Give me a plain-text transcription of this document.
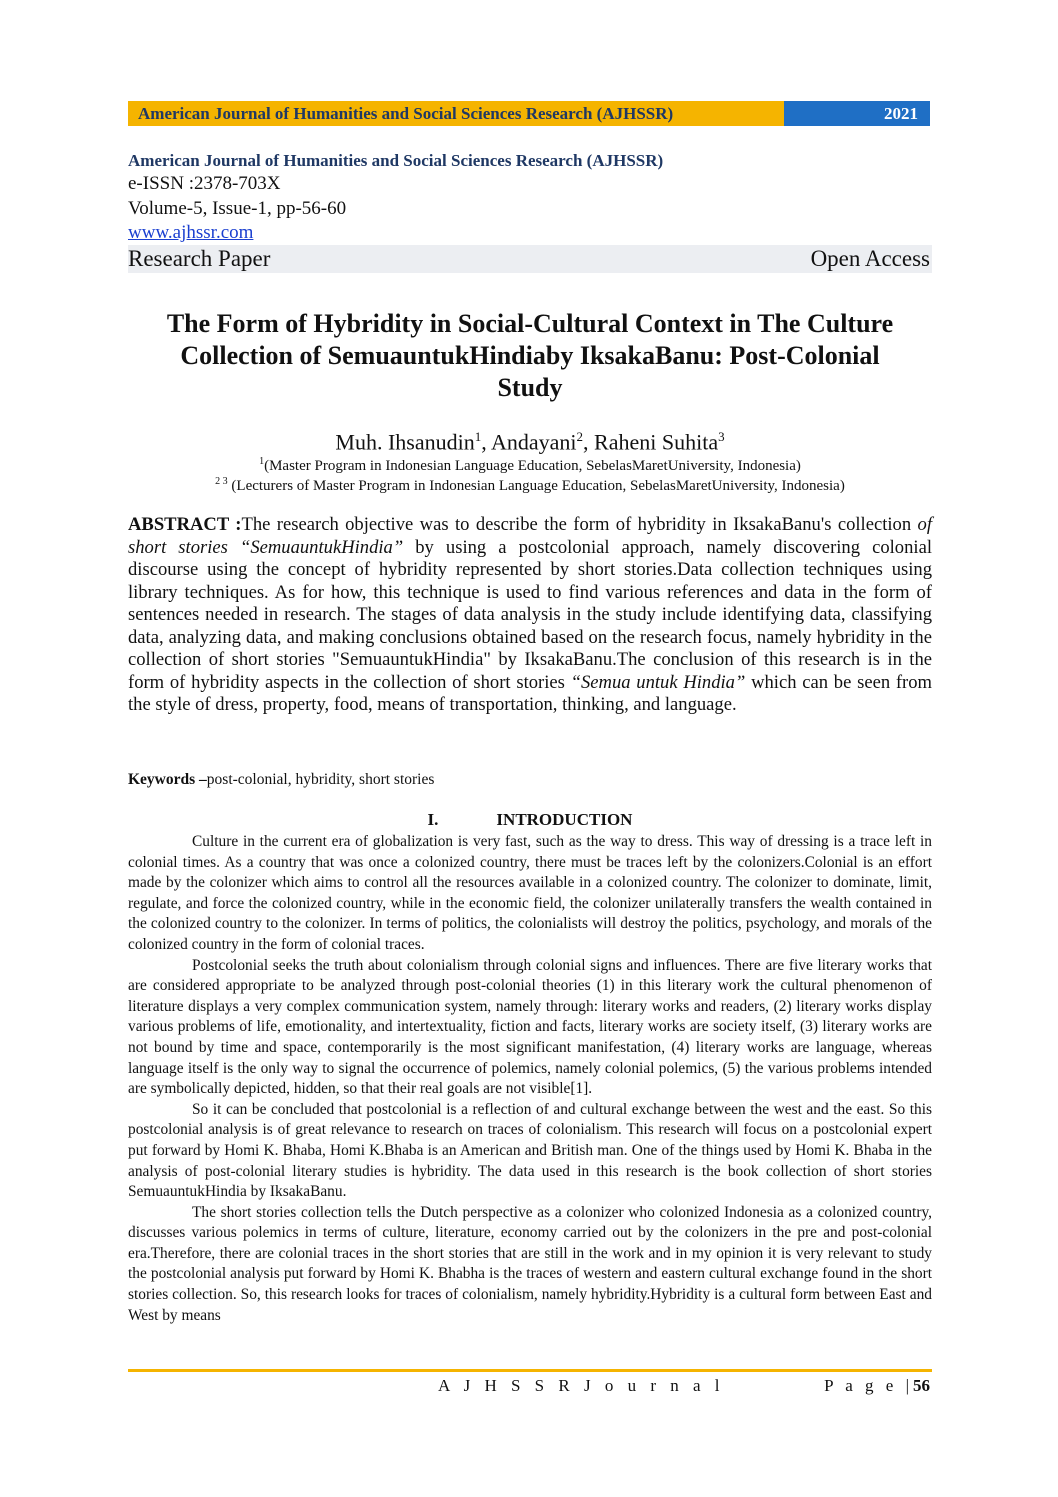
American Journal of Humanities and Social Sciences Research (AJHSSR)	2021
American Journal of Humanities and Social Sciences Research (AJHSSR)
e-ISSN :2378-703X
Volume-5, Issue-1, pp-56-60
www.ajhssr.com
Research Paper	Open Access
The Form of Hybridity in Social-Cultural Context in The Culture
Collection of SemuauntukHindiaby IksakaBanu: Post-Colonial
Study
Muh. Ihsanudin$^1$, Andayani$^2$, Raheni Suhita$^3$
$^1$(Master Program in Indonesian Language Education, SebelasMaretUniversity, Indonesia)
$^{2 3}$ (Lecturers of Master Program in Indonesian Language Education, SebelasMaretUniversity, Indonesia)
ABSTRACT :The research objective was to describe the form of hybridity in IksakaBanu's collection of short stories “SemuauntukHindia” by using a postcolonial approach, namely discovering colonial discourse using the concept of hybridity represented by short stories.Data collection techniques using library techniques. As for how, this technique is used to find various references and data in the form of sentences needed in research. The stages of data analysis in the study include identifying data, classifying data, analyzing data, and making conclusions obtained based on the research focus, namely hybridity in the collection of short stories "SemuauntukHindia" by IksakaBanu.The conclusion of this research is in the form of hybridity aspects in the collection of short stories “Semua untuk Hindia” which can be seen from the style of dress, property, food, means of transportation, thinking, and language.
Keywords –post-colonial, hybridity, short stories
I.	INTRODUCTION

Culture in the current era of globalization is very fast, such as the way to dress. This way of dressing is a trace left in colonial times. As a country that was once a colonized country, there must be traces left by the colonizers.Colonial is an effort made by the colonizer which aims to control all the resources available in a colonized country. The colonizer to dominate, limit, regulate, and force the colonized country, while in the economic field, the colonizer unilaterally transfers the wealth contained in the colonized country to the colonizer. In terms of politics, the colonialists will destroy the politics, psychology, and morals of the colonized country in the form of colonial traces.

Postcolonial seeks the truth about colonialism through colonial signs and influences. There are five literary works that are considered appropriate to be analyzed through post-colonial theories (1) in this literary work the cultural phenomenon of literature displays a very complex communication system, namely through: literary works and readers, (2) literary works display various problems of life, emotionality, and intertextuality, fiction and facts, literary works are society itself, (3) literary works are not bound by time and space, contemporarily is the most significant manifestation, (4) literary works are language, whereas language itself is the only way to signal the occurrence of polemics, namely colonial polemics, (5) the various problems intended are symbolically depicted, hidden, so that their real goals are not visible[1].

So it can be concluded that postcolonial is a reflection of and cultural exchange between the west and the east. So this postcolonial analysis is of great relevance to research on traces of colonialism. This research will focus on a postcolonial expert put forward by Homi K. Bhaba, Homi K.Bhaba is an American and British man. One of the things used by Homi K. Bhaba in the analysis of post-colonial literary studies is hybridity. The data used in this research is the book collection of short stories SemuauntukHindia by IksakaBanu.

The short stories collection tells the Dutch perspective as a colonizer who colonized Indonesia as a colonized country, discusses various polemics in terms of culture, literature, economy carried out by the colonizers in the pre and post-colonial era.Therefore, there are colonial traces in the short stories that are still in the work and in my opinion it is very relevant to study the postcolonial analysis put forward by Homi K. Bhabha is the traces of western and eastern cultural exchange found in the short stories collection. So, this research looks for traces of colonialism, namely hybridity.Hybridity is a cultural form between East and West by means

A J H S S R J o u r n a l	P a g e |56
